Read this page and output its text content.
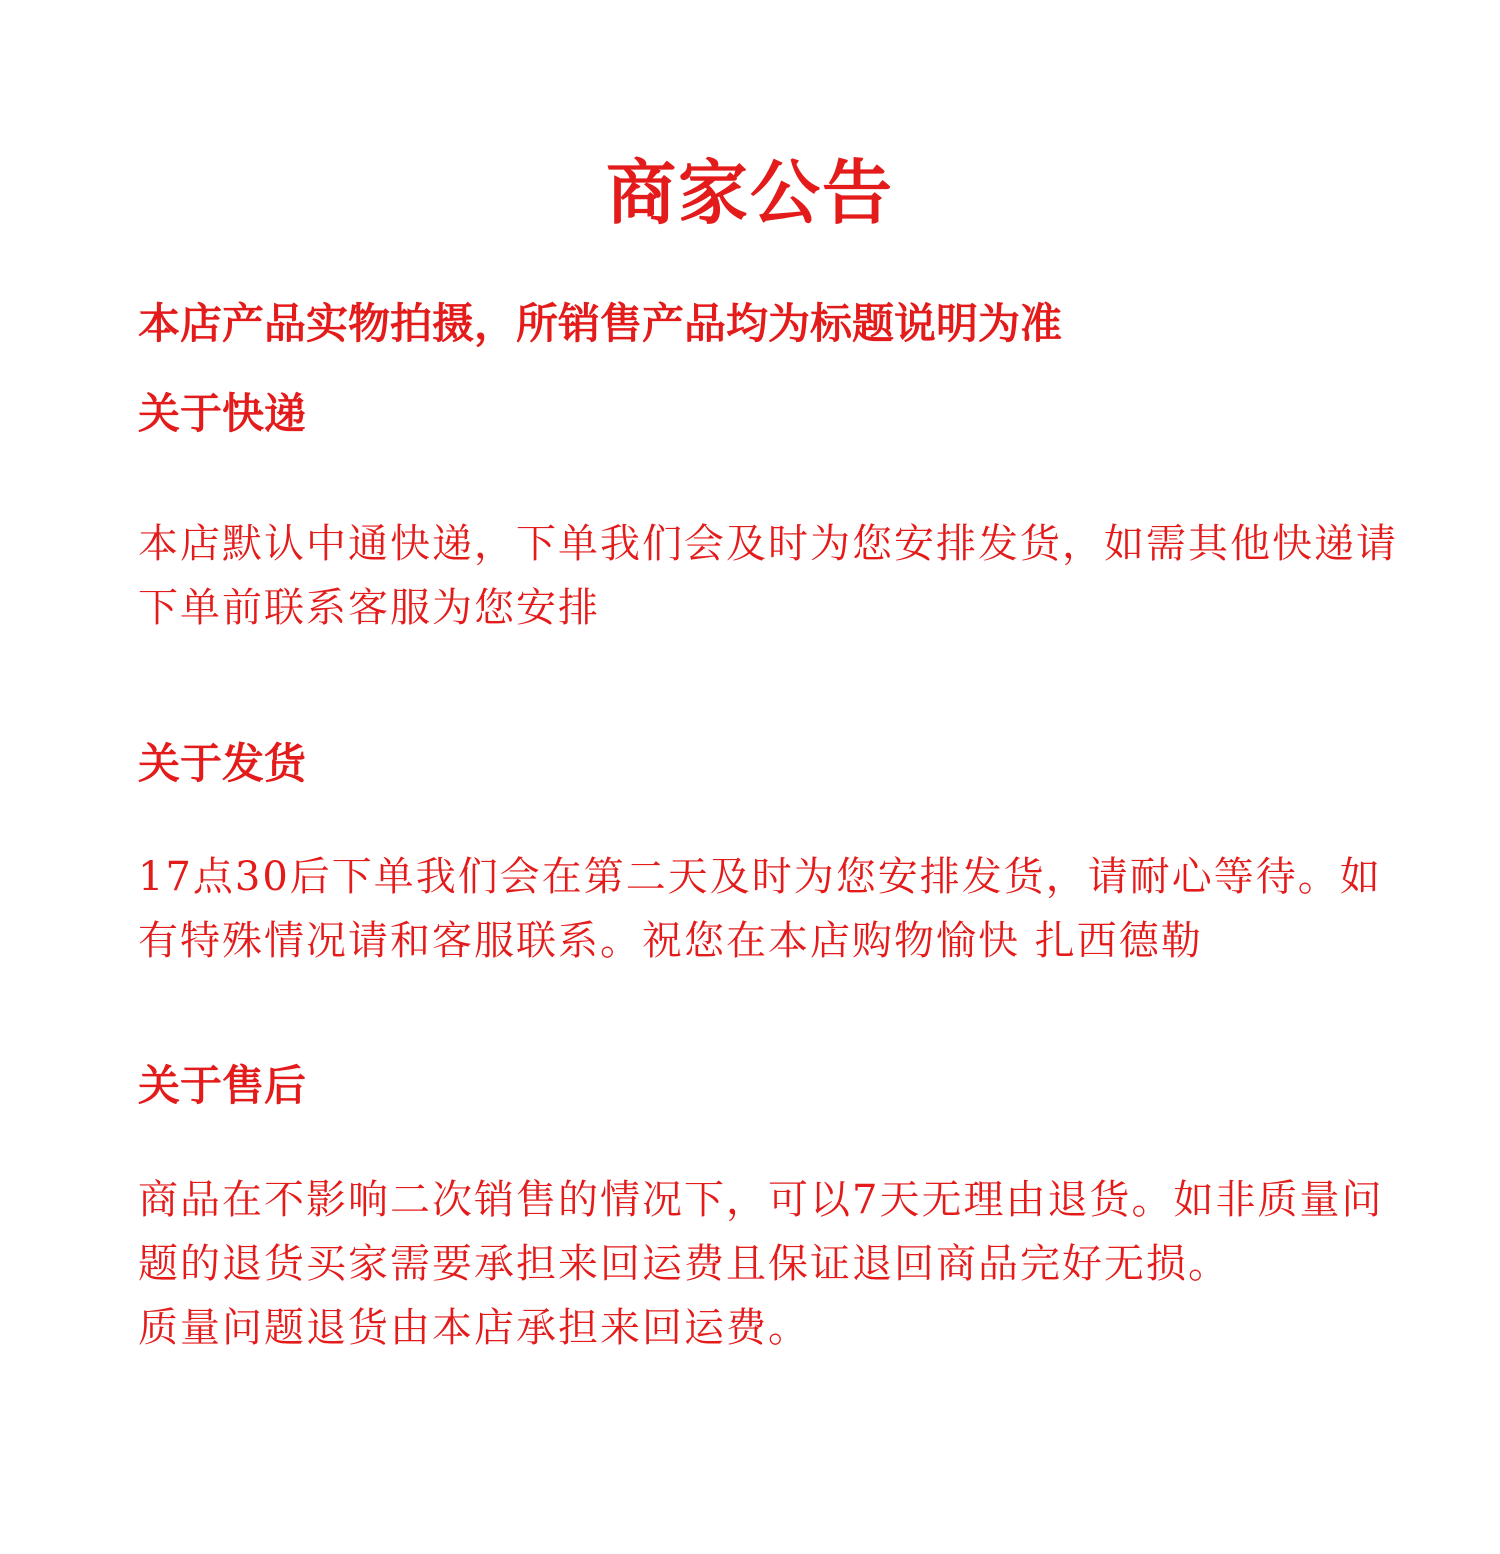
商家公告
本店产品实物拍摄，所销售产品均为标题说明为准
关于快递

本店默认中通快递，下单我们会及时为您安排发货，如需其他快递请

下单前联系客服为您安排

关于发货

17点30后下单我们会在第二天及时为您安排发货，请耐心等待。如

有特殊情况请和客服联系。祝您在本店购物愉快 扎西德勒

关于售后

商品在不影响二次销售的情况下，可以7天无理由退货。如非质量问

题的退货买家需要承担来回运费且保证退回商品完好无损。

质量问题退货由本店承担来回运费。
